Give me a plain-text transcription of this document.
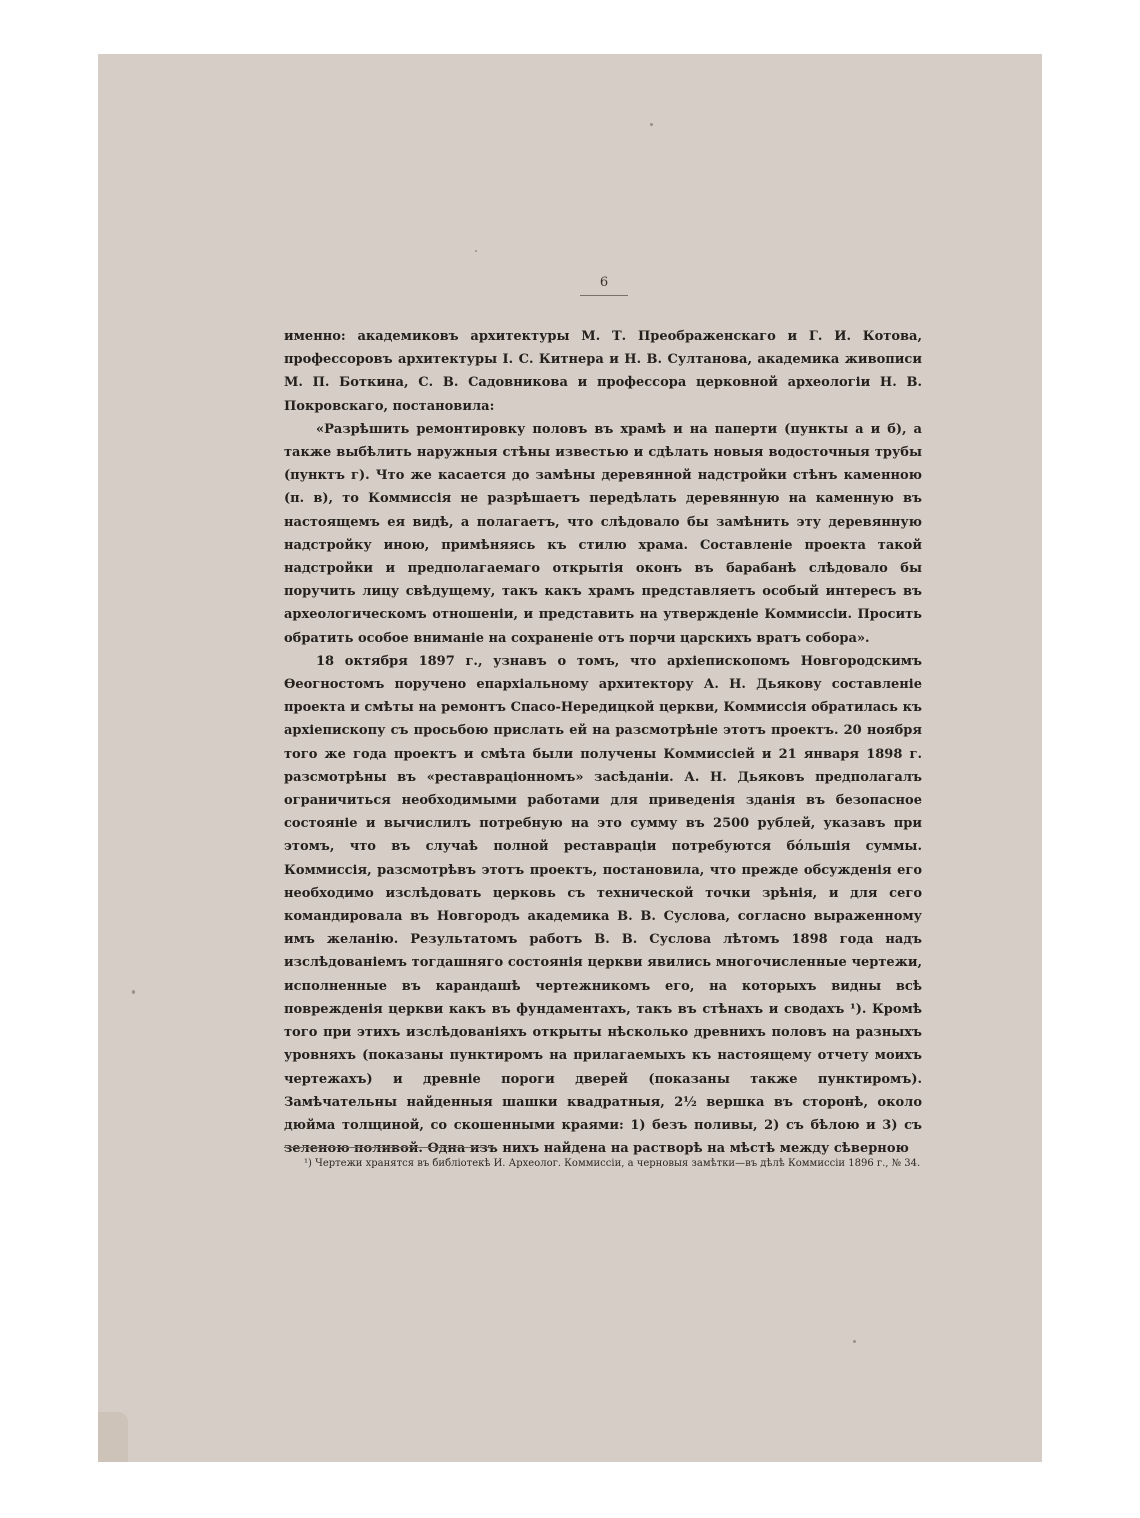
6

именно: академиковъ архитектуры М. Т. Преображенскаго и Г. И. Котова, профессоровъ архитектуры I. С. Китнера и Н. В. Султанова, академика живописи М. П. Боткина, С. В. Садовникова и профессора церковной археологіи Н. В. Покровскаго, постановила:

«Разрѣшить ремонтировку половъ въ храмѣ и на паперти (пункты а и б), а также выбѣлить наружныя стѣны известью и сдѣлать новыя водосточныя трубы (пунктъ г). Что же касается до замѣны деревянной надстройки стѣнъ каменною (п. в), то Коммиссія не разрѣшаетъ передѣлать деревянную на каменную въ настоящемъ ея видѣ, а полагаетъ, что слѣдовало бы замѣнить эту деревянную надстройку иною, примѣняясь къ стилю храма. Составленіе проекта такой надстройки и предполагаемаго открытія оконъ въ барабанѣ слѣдовало бы поручить лицу свѣдущему, такъ какъ храмъ представляетъ особый интересъ въ археологическомъ отношеніи, и представить на утвержденіе Коммиссіи. Просить обратить особое вниманіе на сохраненіе отъ порчи царскихъ вратъ собора».

18 октября 1897 г., узнавъ о томъ, что архіепископомъ Новгородскимъ Ѳеогностомъ поручено епархіальному архитектору А. Н. Дьякову составленіе проекта и смѣты на ремонтъ Спасо-Нередицкой церкви, Коммиссія обратилась къ архіепископу съ просьбою прислать ей на разсмотрѣніе этотъ проектъ. 20 ноября того же года проектъ и смѣта были получены Коммиссіей и 21 января 1898 г. разсмотрѣны въ «реставраціонномъ» засѣданіи. А. Н. Дьяковъ предполагалъ ограничиться необходимыми работами для приведенія зданія въ безопасное состояніе и вычислилъ потребную на это сумму въ 2500 рублей, указавъ при этомъ, что въ случаѣ полной реставраціи потребуются бóльшія суммы. Коммиссія, разсмотрѣвъ этотъ проектъ, постановила, что прежде обсужденія его необходимо изслѣдовать церковь съ технической точки зрѣнія, и для сего командировала въ Новгородъ академика В. В. Суслова, согласно выраженному имъ желанію. Результатомъ работъ В. В. Суслова лѣтомъ 1898 года надъ изслѣдованіемъ тогдашняго состоянія церкви явились многочисленные чертежи, исполненные въ карандашѣ чертежникомъ его, на которыхъ видны всѣ поврежденія церкви какъ въ фундаментахъ, такъ въ стѣнахъ и сводахъ ¹). Кромѣ того при этихъ изслѣдованіяхъ открыты нѣсколько древнихъ половъ на разныхъ уровняхъ (показаны пунктиромъ на прилагаемыхъ къ настоящему отчету моихъ чертежахъ) и древніе пороги дверей (показаны также пунктиромъ). Замѣчательны найденныя шашки квадратныя, 2½ вершка въ сторонѣ, около дюйма толщиной, со скошенными краями: 1) безъ поливы, 2) съ бѣлою и 3) съ зеленою поливой. Одна изъ нихъ найдена на растворѣ на мѣстѣ между сѣверною

¹) Чертежи хранятся въ библіотекѣ И. Археолог. Коммиссіи, а черновыя замѣтки—въ дѣлѣ Коммиссіи 1896 г., № 34.
